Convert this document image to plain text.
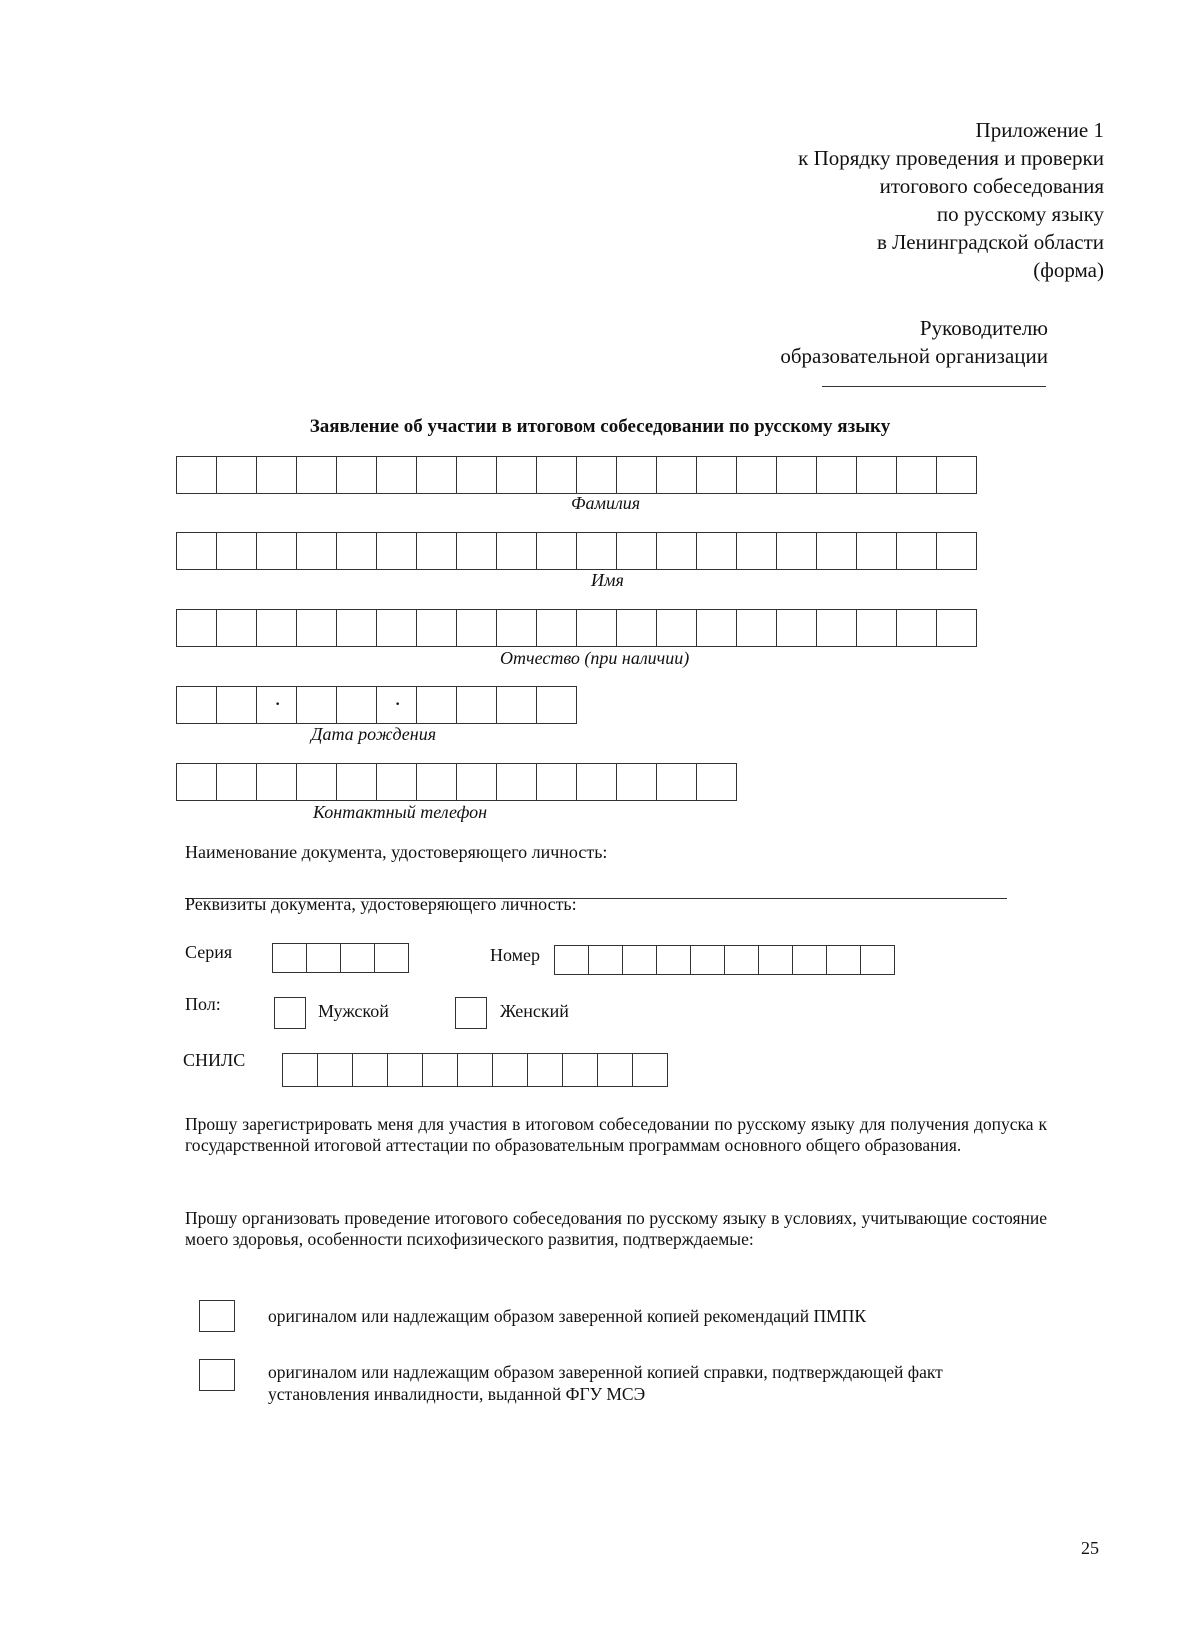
Приложение 1
к Порядку проведения и проверки
итогового собеседования
по русскому языку
в Ленинградской области
(форма)
Руководителю
образовательной организации
Заявление об участии в итоговом собеседовании по русскому языку
Фамилия
Имя
Отчество (при наличии)
·
·
Дата рождения
Контактный телефон
Наименование документа, удостоверяющего личность:
Реквизиты документа, удостоверяющего личность:
Серия	Номер
Пол:	Мужской	Женский
СНИЛС
Прошу зарегистрировать меня для участия в итоговом собеседовании по русскому языку для получения допуска к государственной итоговой аттестации по образовательным программам основного общего образования.
Прошу организовать проведение итогового собеседования по русскому языку в условиях, учитывающие состояние моего здоровья, особенности психофизического развития, подтверждаемые:
оригиналом или надлежащим образом заверенной копией рекомендаций ПМПК
оригиналом или надлежащим образом заверенной копией справки, подтверждающей факт установления инвалидности, выданной ФГУ МСЭ
25
